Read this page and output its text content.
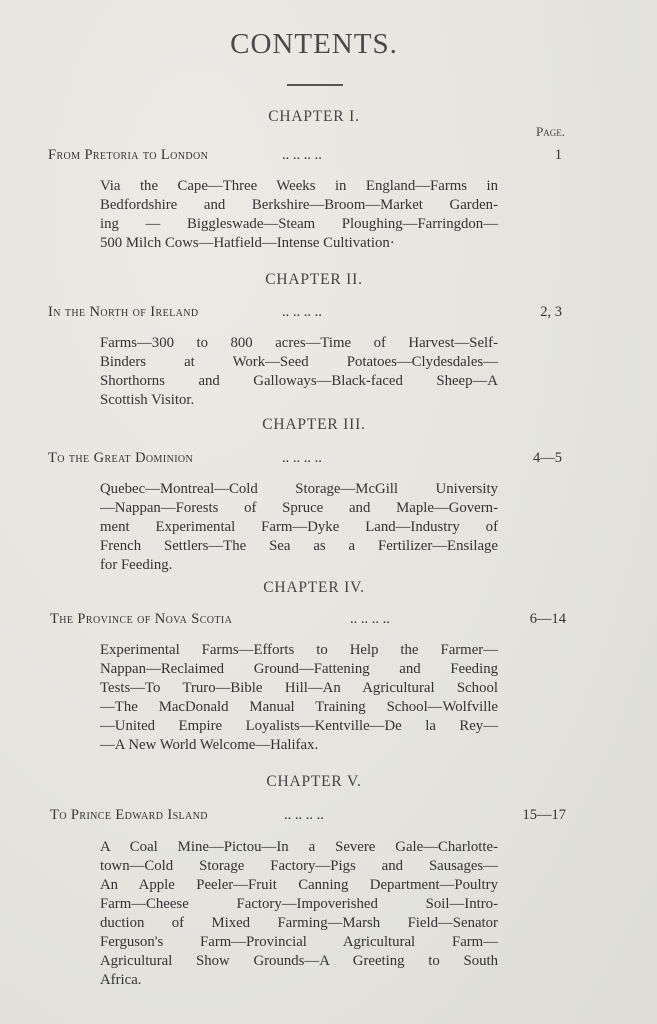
CONTENTS.
Page.
CHAPTER I.
From Pretoria to London	.. .. .. ..	1
Via the Cape—Three Weeks in England—Farms in
Bedfordshire and Berkshire—Broom—Market Garden-
ing — Biggleswade—Steam Ploughing—Farringdon—
500 Milch Cows—Hatfield—Intense Cultivation·
CHAPTER II.
In the North of Ireland	.. .. .. ..	2, 3
Farms—300 to 800 acres—Time of Harvest—Self-
Binders at Work—Seed Potatoes—Clydesdales—
Shorthorns and Galloways—Black-faced Sheep—A
Scottish Visitor.
CHAPTER III.
To the Great Dominion	.. .. .. ..	4—5
Quebec—Montreal—Cold Storage—McGill University
—Nappan—Forests of Spruce and Maple—Govern-
ment Experimental Farm—Dyke Land—Industry of
French Settlers—The Sea as a Fertilizer—Ensilage
for Feeding.
CHAPTER IV.
The Province of Nova Scotia	.. .. .. ..	6—14
Experimental Farms—Efforts to Help the Farmer—
Nappan—Reclaimed Ground—Fattening and Feeding
Tests—To Truro—Bible Hill—An Agricultural School
—The MacDonald Manual Training School—Wolfville
—United Empire Loyalists—Kentville—De la Rey—
—A New World Welcome—Halifax.
CHAPTER V.
To Prince Edward Island	.. .. .. ..	15—17
A Coal Mine—Pictou—In a Severe Gale—Charlotte-
town—Cold Storage Factory—Pigs and Sausages—
An Apple Peeler—Fruit Canning Department—Poultry
Farm—Cheese Factory—Impoverished Soil—Intro-
duction of Mixed Farming—Marsh Field—Senator
Ferguson's Farm—Provincial Agricultural Farm—
Agricultural Show Grounds—A Greeting to South
Africa.
